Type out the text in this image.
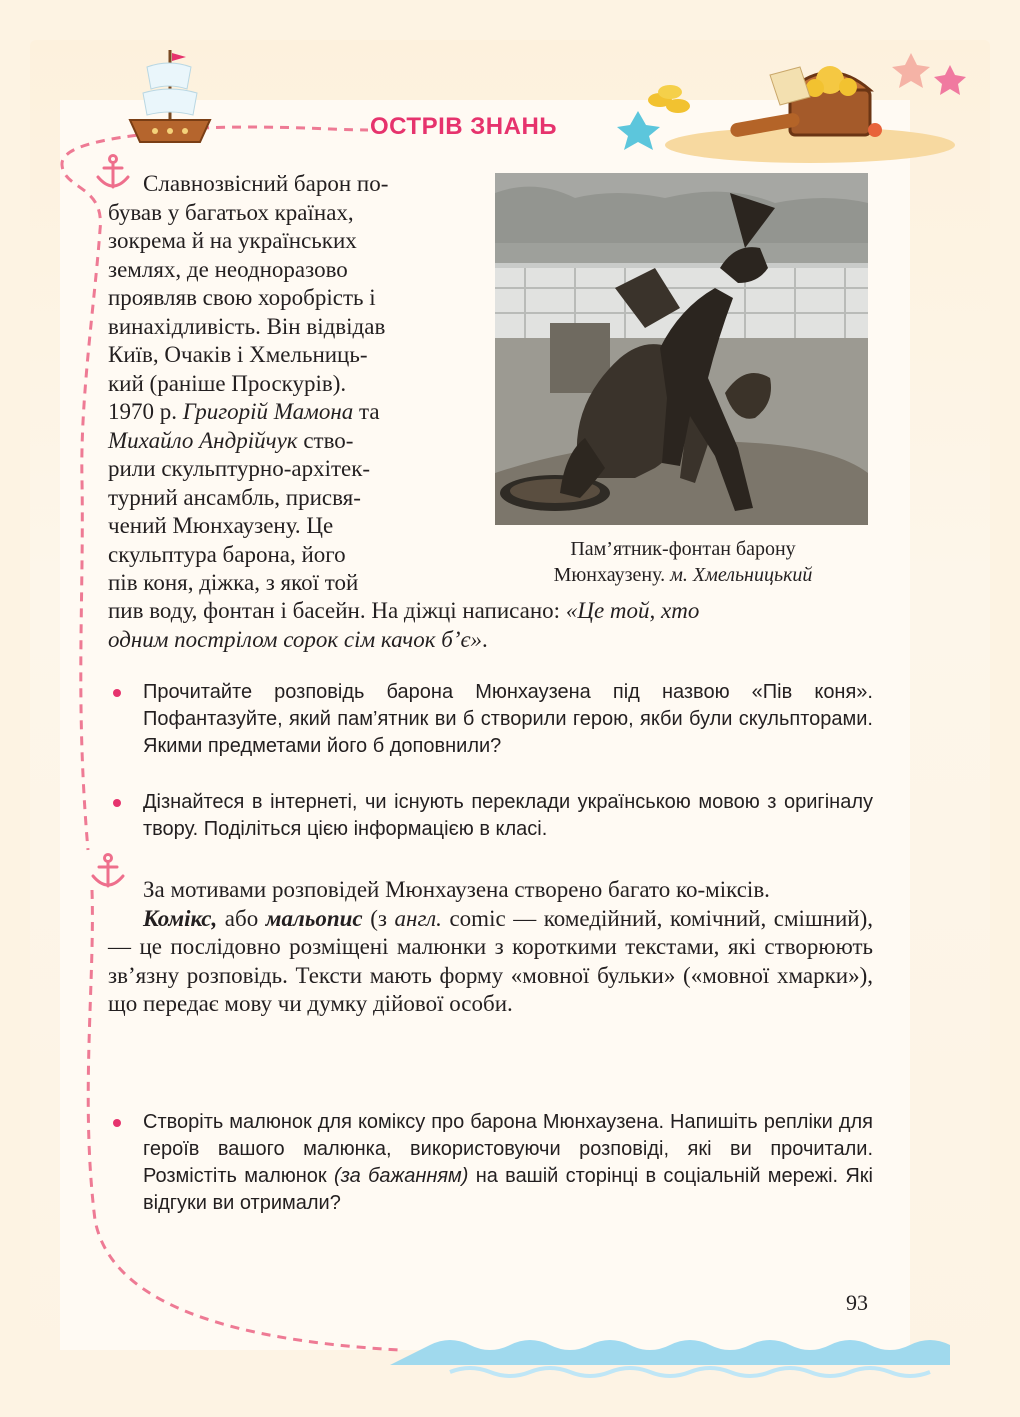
ОСТРІВ ЗНАНЬ
Пам’ятник-фонтан барону
Мюнхаузену. м. Хмельницький
Славнозвісний барон по-
бував у багатьох країнах,
зокрема й на українських
землях, де неодноразово
проявляв свою хоробрість і
винахідливість. Він відвідав
Київ, Очаків і Хмельниць-
кий (раніше Проскурів).
1970 р. Григорій Мамона та
Михайло Андрійчук ство-
рили скульптурно-архітек-
турний ансамбль, присвя-
чений Мюнхаузену. Це
скульптура барона, його
пів коня, діжка, з якої той
пив воду, фонтан і басейн. На діжці написано: «Це той, хто
одним пострілом сорок сім качок б’є».
Прочитайте розповідь барона Мюнхаузена під назвою «Пів коня». Пофантазуйте, який пам’ятник ви б створили герою, якби були скульпторами. Якими предметами його б доповнили?
Дізнайтеся в інтернеті, чи існують переклади українською мовою з оригіналу твору. Поділіться цією інформацією в класі.
За мотивами розповідей Мюнхаузена створено багато ко-міксів.
Комікс, або мальопис (з англ. comic — комедійний, комічний, смішний), — це послідовно розміщені малюнки з короткими текстами, які створюють зв’язну розповідь. Тексти мають форму «мовної бульки» («мовної хмарки»), що передає мову чи думку дійової особи.
Створіть малюнок для коміксу про барона Мюнхаузена. Напишіть репліки для героїв вашого малюнка, використовуючи розповіді, які ви прочитали. Розмістіть малюнок (за бажанням) на вашій сторінці в соціальній мережі. Які відгуки ви отримали?
93
